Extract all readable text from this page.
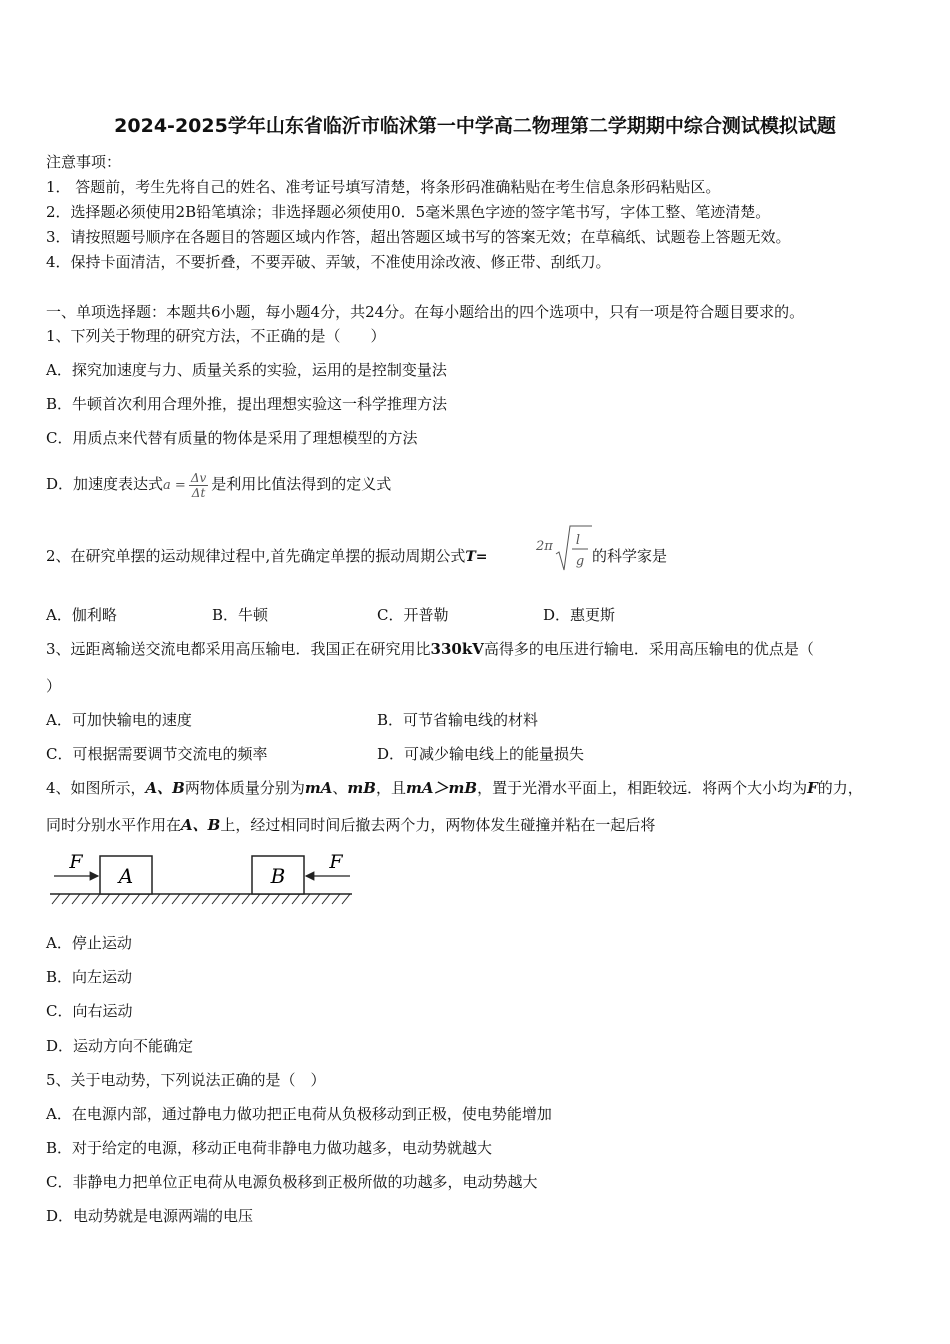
2024-2025学年山东省临沂市临沭第一中学高二物理第二学期期中综合测试模拟试题
注意事项：
1． 答题前，考生先将自己的姓名、准考证号填写清楚，将条形码准确粘贴在考生信息条形码粘贴区。
2．选择题必须使用2B铅笔填涂；非选择题必须使用0．5毫米黑色字迹的签字笔书写，字体工整、笔迹清楚。
3．请按照题号顺序在各题目的答题区域内作答，超出答题区域书写的答案无效；在草稿纸、试题卷上答题无效。
4．保持卡面清洁，不要折叠，不要弄破、弄皱，不准使用涂改液、修正带、刮纸刀。
一、单项选择题：本题共6小题，每小题4分，共24分。在每小题给出的四个选项中，只有一项是符合题目要求的。
1、下列关于物理的研究方法，不正确的是（　　）
A．探究加速度与力、质量关系的实验，运用的是控制变量法
B．牛顿首次利用合理外推，提出理想实验这一科学推理方法
C．用质点来代替有质量的物体是采用了理想模型的方法
D．加速度表达式$a = \frac{\Delta v}{\Delta t}$ 是利用比值法得到的定义式
2、在研究单摆的运动规律过程中,首先确定单摆的振动周期公式T=
2π l
g 的科学家是
A．伽利略	B．牛顿	C．开普勒	D．惠更斯
3、远距离输送交流电都采用高压输电．我国正在研究用比330kV高得多的电压进行输电．采用高压输电的优点是（
）
A．可加快输电的速度	B．可节省输电线的材料
C．可根据需要调节交流电的频率	D．可减少输电线上的能量损失
4、如图所示，A、B两物体质量分别为mA、mB，且mA＞mB，置于光滑水平面上，相距较远．将两个大小均为F的力，
同时分别水平作用在A、B上，经过相同时间后撤去两个力，两物体发生碰撞并粘在一起后将
A	B
F	F
A．停止运动
B．向左运动
C．向右运动
D．运动方向不能确定
5、关于电动势，下列说法正确的是（　）
A．在电源内部，通过静电力做功把正电荷从负极移动到正极，使电势能增加
B．对于给定的电源，移动正电荷非静电力做功越多，电动势就越大
C．非静电力把单位正电荷从电源负极移到正极所做的功越多，电动势越大
D．电动势就是电源两端的电压
